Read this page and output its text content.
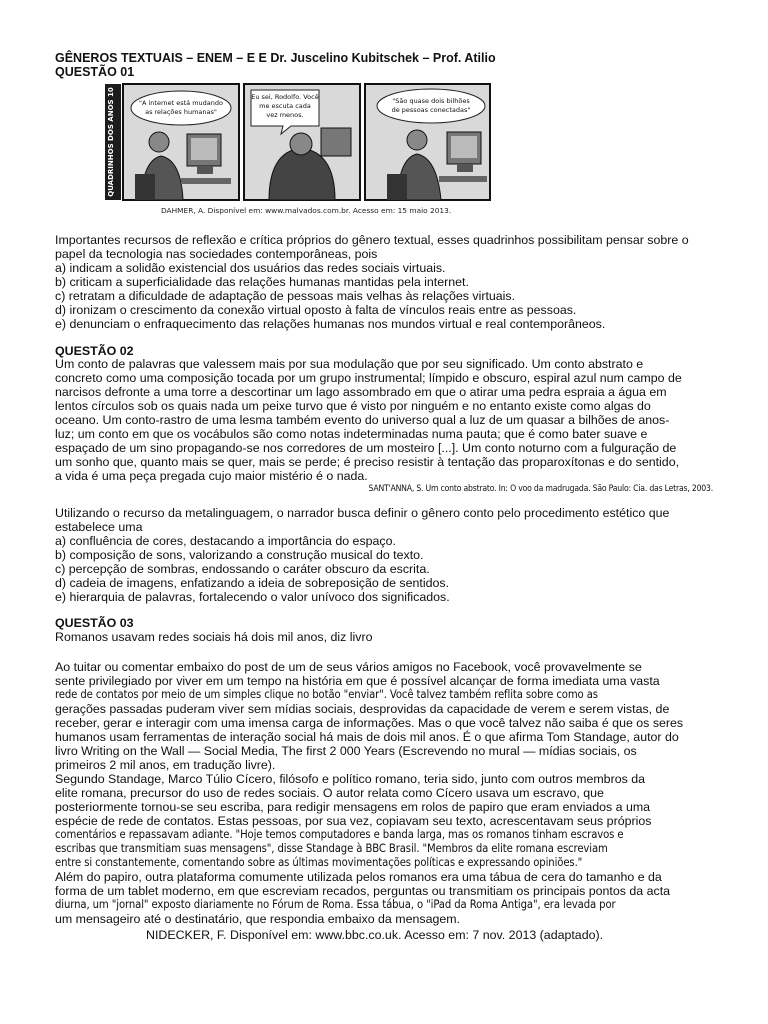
GÊNEROS TEXTUAIS – ENEM – E E Dr. Juscelino Kubitschek – Prof. Atilio
QUESTÃO 01
QUADRINHOS DOS ANOS 10	"A internet está mudando
as relações humanas"
Eu sei, Rodolfo. Você
me escuta cada
vez menos.
"São quase dois bilhões
de pessoas conectadas"
DAHMER, A. Disponível em: www.malvados.com.br. Acesso em: 15 maio 2013.
Importantes recursos de reflexão e crítica próprios do gênero textual, esses quadrinhos possibilitam pensar sobre o
papel da tecnologia nas sociedades contemporâneas, pois
a) indicam a solidão existencial dos usuários das redes sociais virtuais.
b) criticam a superficialidade das relações humanas mantidas pela internet.
c) retratam a dificuldade de adaptação de pessoas mais velhas às relações virtuais.
d) ironizam o crescimento da conexão virtual oposto à falta de vínculos reais entre as pessoas.
e) denunciam o enfraquecimento das relações humanas nos mundos virtual e real contemporâneos.
QUESTÃO 02
Um conto de palavras que valessem mais por sua modulação que por seu significado. Um conto abstrato e
concreto como uma composição tocada por um grupo instrumental; límpido e obscuro, espiral azul num campo de
narcisos defronte a uma torre a descortinar um lago assombrado em que o atirar uma pedra espraia a água em
lentos círculos sob os quais nada um peixe turvo que é visto por ninguém e no entanto existe como algas do
oceano. Um conto-rastro de uma lesma também evento do universo qual a luz de um quasar a bilhões de anos-
luz; um conto em que os vocábulos são como notas indeterminadas numa pauta; que é como bater suave e
espaçado de um sino propagando-se nos corredores de um mosteiro [...]. Um conto noturno com a fulguração de
um sonho que, quanto mais se quer, mais se perde; é preciso resistir à tentação das proparoxítonas e do sentido,
a vida é uma peça pregada cujo maior mistério é o nada.
SANT'ANNA, S. Um conto abstrato. In: O voo da madrugada. São Paulo: Cia. das Letras, 2003.
Utilizando o recurso da metalinguagem, o narrador busca definir o gênero conto pelo procedimento estético que
estabelece uma
a) confluência de cores, destacando a importância do espaço.
b) composição de sons, valorizando a construção musical do texto.
c) percepção de sombras, endossando o caráter obscuro da escrita.
d) cadeia de imagens, enfatizando a ideia de sobreposição de sentidos.
e) hierarquia de palavras, fortalecendo o valor unívoco dos significados.
QUESTÃO 03
Romanos usavam redes sociais há dois mil anos, diz livro
Ao tuitar ou comentar embaixo do post de um de seus vários amigos no Facebook, você provavelmente se
sente privilegiado por viver em um tempo na história em que é possível alcançar de forma imediata uma vasta
rede de contatos por meio de um simples clique no botão "enviar". Você talvez também reflita sobre como as
gerações passadas puderam viver sem mídias sociais, desprovidas da capacidade de verem e serem vistas, de
receber, gerar e interagir com uma imensa carga de informações. Mas o que você talvez não saiba é que os seres
humanos usam ferramentas de interação social há mais de dois mil anos. É o que afirma Tom Standage, autor do
livro Writing on the Wall — Social Media, The first 2 000 Years (Escrevendo no mural — mídias sociais, os
primeiros 2 mil anos, em tradução livre).
Segundo Standage, Marco Túlio Cícero, filósofo e político romano, teria sido, junto com outros membros da
elite romana, precursor do uso de redes sociais. O autor relata como Cícero usava um escravo, que
posteriormente tornou-se seu escriba, para redigir mensagens em rolos de papiro que eram enviados a uma
espécie de rede de contatos. Estas pessoas, por sua vez, copiavam seu texto, acrescentavam seus próprios
comentários e repassavam adiante. "Hoje temos computadores e banda larga, mas os romanos tinham escravos e
escribas que transmitiam suas mensagens", disse Standage à BBC Brasil. "Membros da elite romana escreviam
entre si constantemente, comentando sobre as últimas movimentações políticas e expressando opiniões."
Além do papiro, outra plataforma comumente utilizada pelos romanos era uma tábua de cera do tamanho e da
forma de um tablet moderno, em que escreviam recados, perguntas ou transmitiam os principais pontos da acta
diurna, um "jornal" exposto diariamente no Fórum de Roma. Essa tábua, o "iPad da Roma Antiga", era levada por
um mensageiro até o destinatário, que respondia embaixo da mensagem.
NIDECKER, F. Disponível em: www.bbc.co.uk. Acesso em: 7 nov. 2013 (adaptado).
